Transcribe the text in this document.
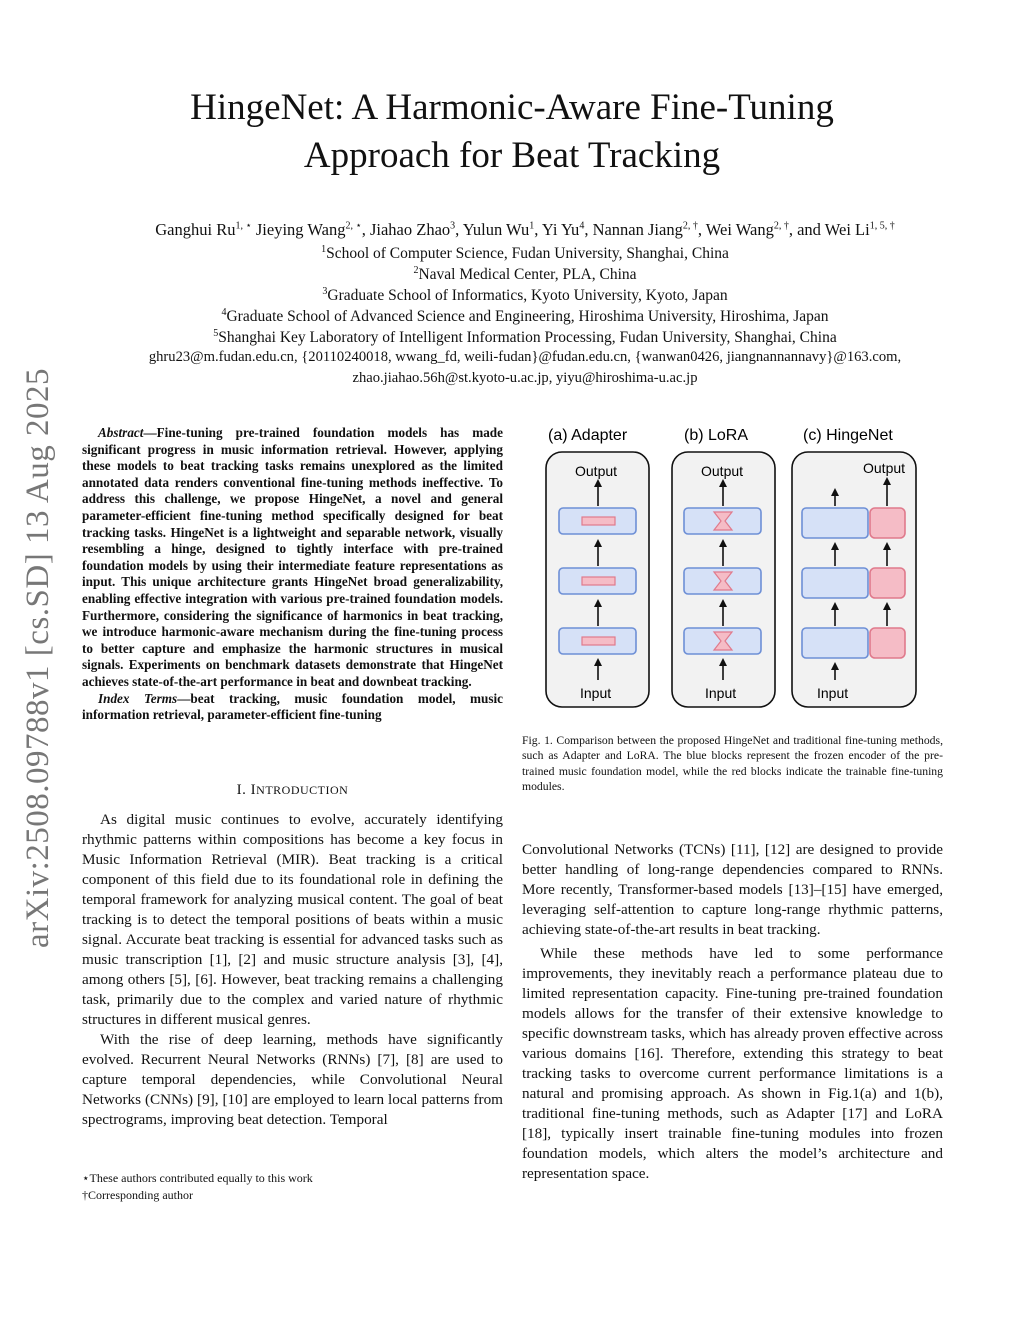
HingeNet: A Harmonic-Aware Fine-Tuning
Approach for Beat Tracking
Ganghui $Ru^{1, ⋆}$ Jieying Wang$^{2, ⋆}$, Jiahao Zhao$^3$, Yulun Wu$^1$, Yi Yu$^4$, Nannan Jiang$^{2, \dagger}$, Wei Wang$^{2, \dagger}$, and Wei $Li^{1, 5, \dagger}$
$^1$School of Computer Science, Fudan University, Shanghai, China
$^2$Naval Medical Center, PLA, China
$^3$Graduate School of Informatics, Kyoto University, Kyoto, Japan
$^4$Graduate School of Advanced Science and Engineering, Hiroshima University, Hiroshima, Japan
$^5$Shanghai Key Laboratory of Intelligent Information Processing, Fudan University, Shanghai, China
ghru23@m.fudan.edu.cn, {20110240018, wwang_fd, weili-fudan}@fudan.edu.cn, {wanwan0426, jiangnannannavy}@163.com,
zhao.jiahao.56h@st.kyoto-u.ac.jp, yiyu@hiroshima-u.ac.jp
arXiv:2508.09788v1 [cs.SD] 13 Aug 2025	Abstract—Fine-tuning pre-trained foundation models has made significant progress in music information retrieval. However, applying these models to beat tracking tasks remains unexplored as the limited annotated data renders conventional fine-tuning methods ineffective. To address this challenge, we propose HingeNet, a novel and general parameter-efficient fine-tuning method specifically designed for beat tracking tasks. HingeNet is a lightweight and separable network, visually resembling a hinge, designed to tightly interface with pre-trained foundation models by using their intermediate feature representations as input. This unique architecture grants HingeNet broad generalizability, enabling effective integration with various pre-trained foundation models. Furthermore, considering the significance of harmonics in beat tracking, we introduce harmonic-aware mechanism during the fine-tuning process to better capture and emphasize the harmonic structures in musical signals. Experiments on benchmark datasets demonstrate that HingeNet achieves state-of-the-art performance in beat and downbeat tracking.
Index Terms—beat tracking, music foundation model, music information retrieval, parameter-efficient fine-tuning
I. INTRODUCTION

As digital music continues to evolve, accurately identifying rhythmic patterns within compositions has become a key focus in Music Information Retrieval (MIR). Beat tracking is a critical component of this field due to its foundational role in defining the temporal framework for analyzing musical content. The goal of beat tracking is to detect the temporal positions of beats within a music signal. Accurate beat tracking is essential for advanced tasks such as music transcription [1], [2] and music structure analysis [3], [4], among others [5], [6]. However, beat tracking remains a challenging task, primarily due to the complex and varied nature of rhythmic structures in different musical genres.

With the rise of deep learning, methods have significantly evolved. Recurrent Neural Networks (RNNs) [7], [8] are used to capture temporal dependencies, while Convolutional Neural Networks (CNNs) [9], [10] are employed to learn local patterns from spectrograms, improving beat detection. Temporal

⋆These authors contributed equally to this work
†Corresponding author
(a) Adapter	(b) LoRA	(c) HingeNet
Output
Input
Output
Input
Output
Input
Fig. 1. Comparison between the proposed HingeNet and traditional fine-tuning methods, such as Adapter and LoRA. The blue blocks represent the frozen encoder of the pre-trained music foundation model, while the red blocks indicate the trainable fine-tuning modules.

Convolutional Networks (TCNs) [11], [12] are designed to provide better handling of long-range dependencies compared to RNNs. More recently, Transformer-based models [13]–[15] have emerged, leveraging self-attention to capture long-range rhythmic patterns, achieving state-of-the-art results in beat tracking.

While these methods have led to some performance improvements, they inevitably reach a performance plateau due to limited representation capacity. Fine-tuning pre-trained foundation models allows for the transfer of their extensive knowledge to specific downstream tasks, which has already proven effective across various domains [16]. Therefore, extending this strategy to beat tracking tasks to overcome current performance limitations is a natural and promising approach. As shown in Fig.1(a) and 1(b), traditional fine-tuning methods, such as Adapter [17] and LoRA [18], typically insert trainable fine-tuning modules into frozen foundation models, which alters the model’s architecture and representation space.
